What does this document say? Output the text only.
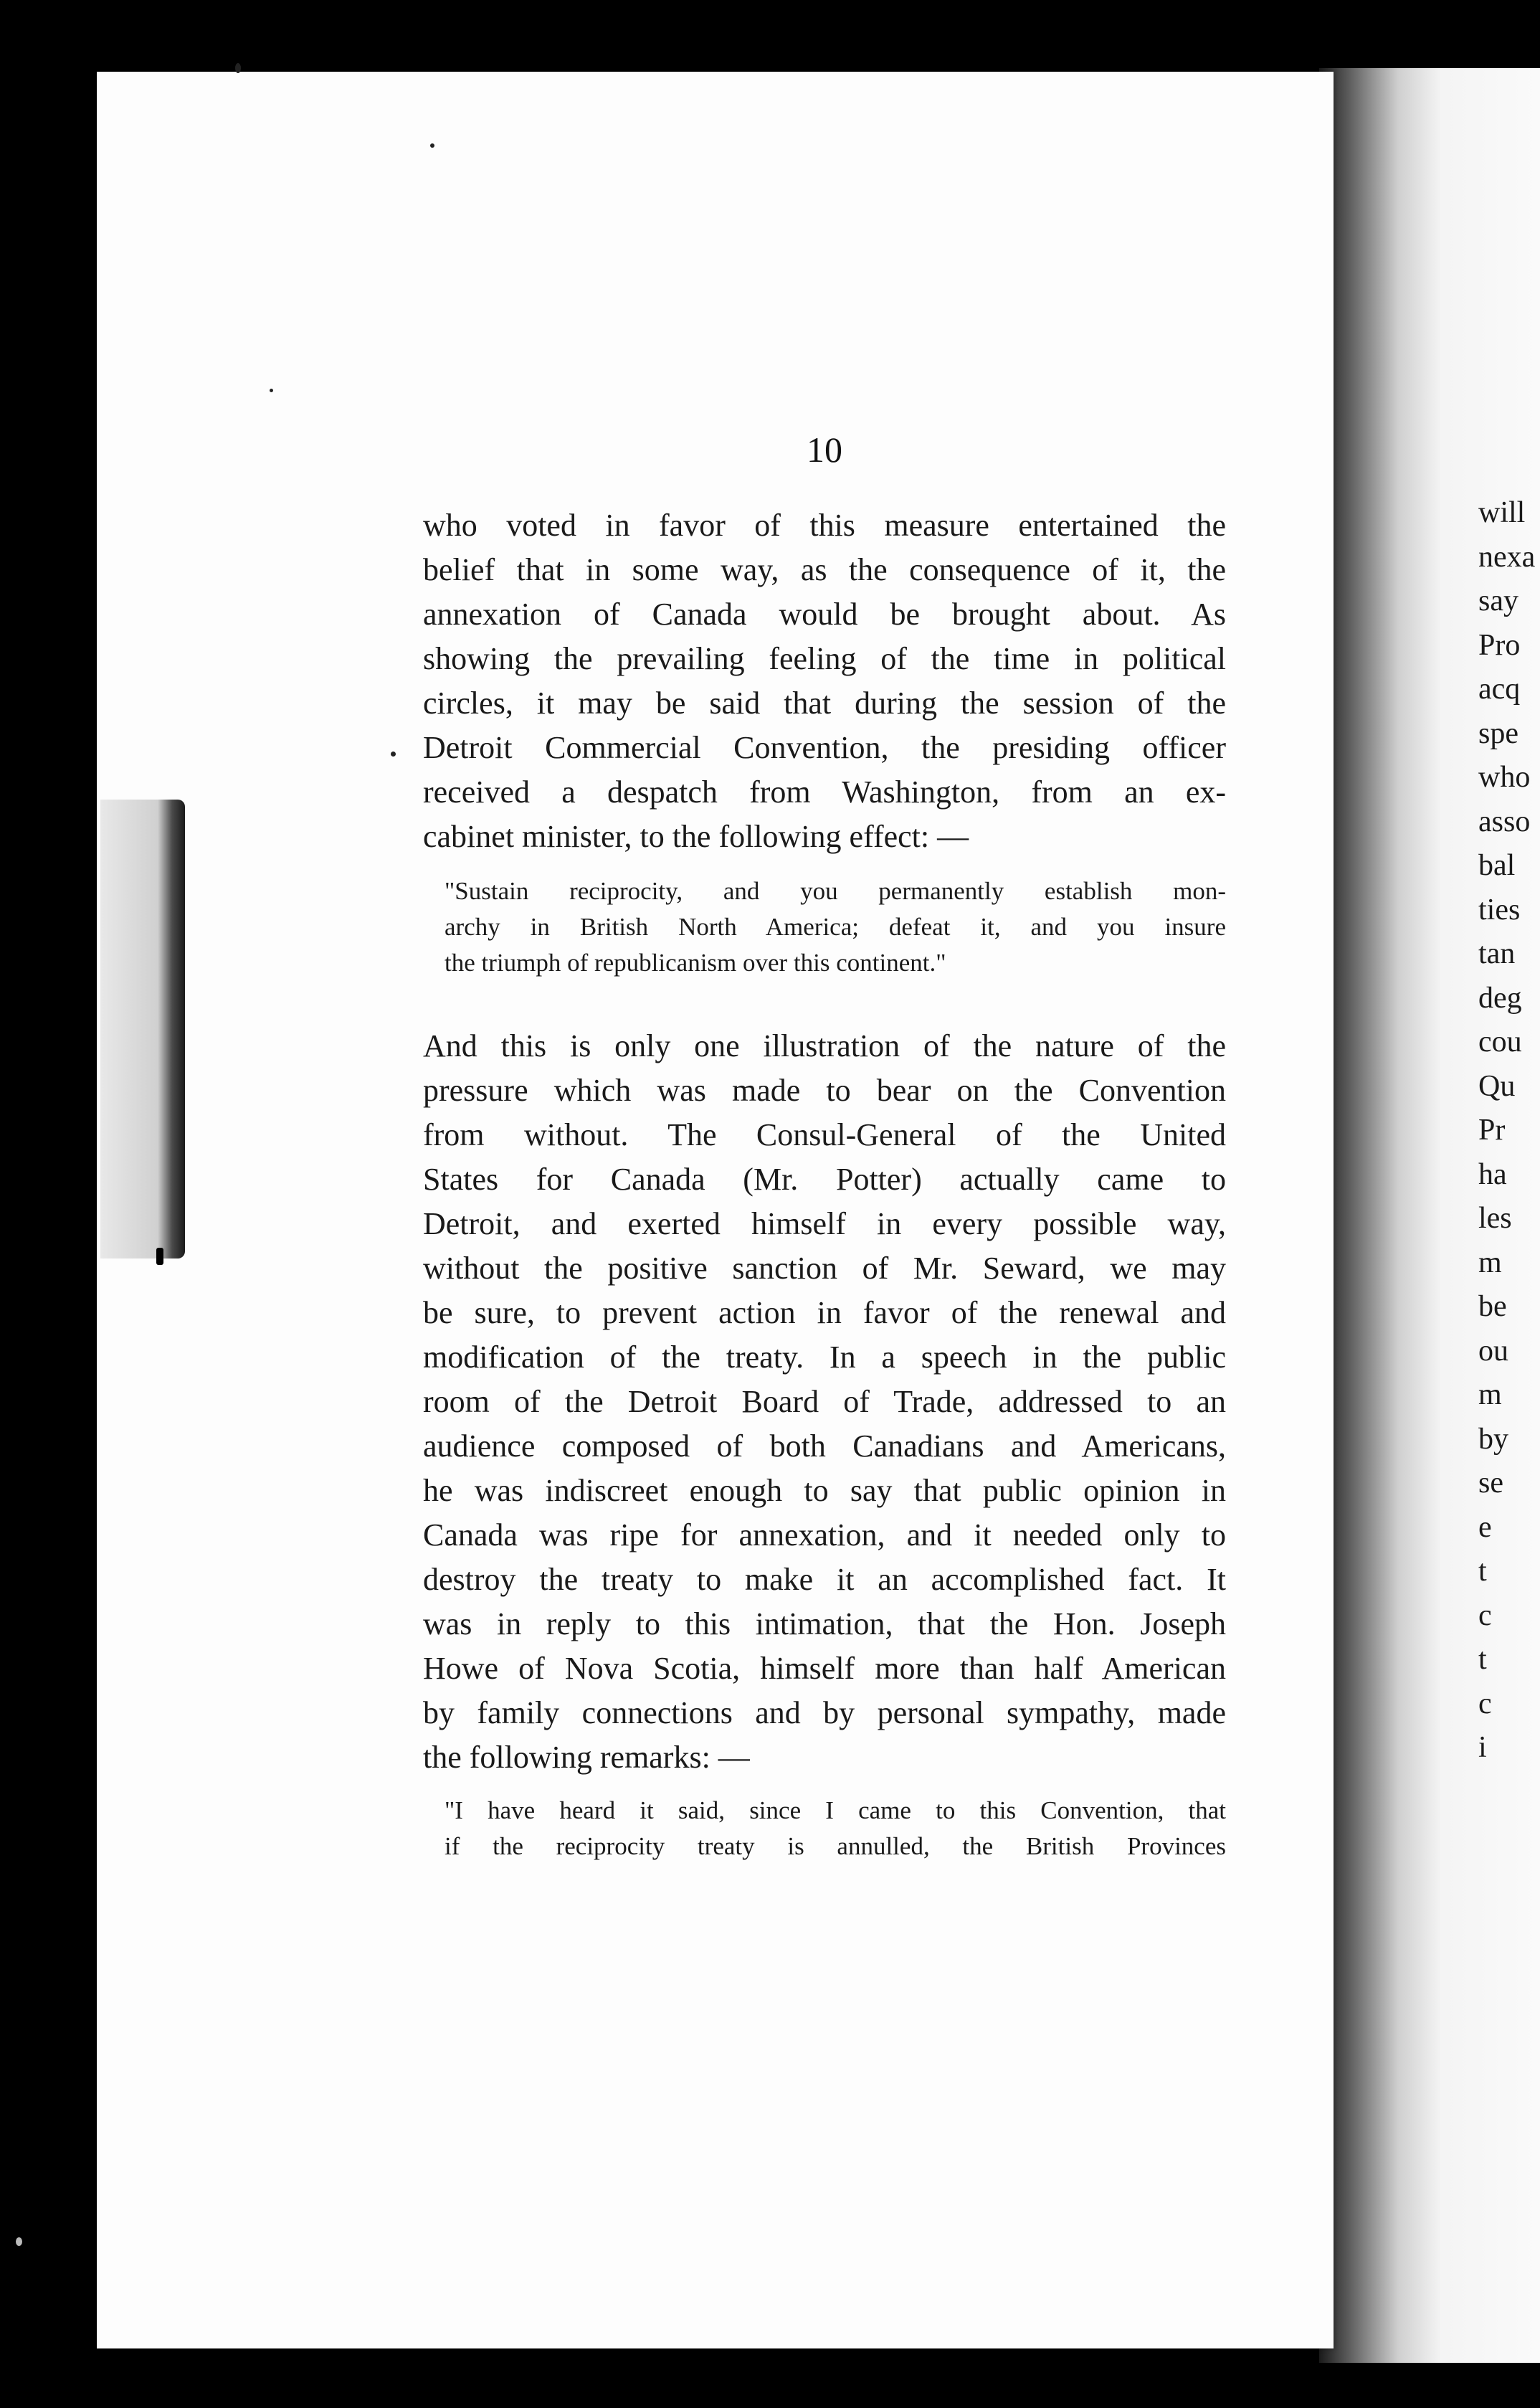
will
nexa
say
Pro
acq
spe
who
asso
bal
ties
tan
deg
cou
Qu
Pr
ha
les
m
be
ou
m
by
se
e
t
c
t
c
i
10
who voted in favor of this measure entertained the
belief that in some way, as the consequence of it, the
annexation of Canada would be brought about. As
showing the prevailing feeling of the time in political
circles, it may be said that during the session of the
Detroit Commercial Convention, the presiding officer
received a despatch from Washington, from an ex-
cabinet minister, to the following effect: —
"Sustain reciprocity, and you permanently establish mon-
archy in British North America; defeat it, and you insure
the triumph of republicanism over this continent."
And this is only one illustration of the nature of the
pressure which was made to bear on the Convention
from without. The Consul-General of the United
States for Canada (Mr. Potter) actually came to
Detroit, and exerted himself in every possible way,
without the positive sanction of Mr. Seward, we may
be sure, to prevent action in favor of the renewal and
modification of the treaty. In a speech in the public
room of the Detroit Board of Trade, addressed to an
audience composed of both Canadians and Americans,
he was indiscreet enough to say that public opinion in
Canada was ripe for annexation, and it needed only to
destroy the treaty to make it an accomplished fact. It
was in reply to this intimation, that the Hon. Joseph
Howe of Nova Scotia, himself more than half American
by family connections and by personal sympathy, made
the following remarks: —
"I have heard it said, since I came to this Convention, that
if the reciprocity treaty is annulled, the British Provinces
